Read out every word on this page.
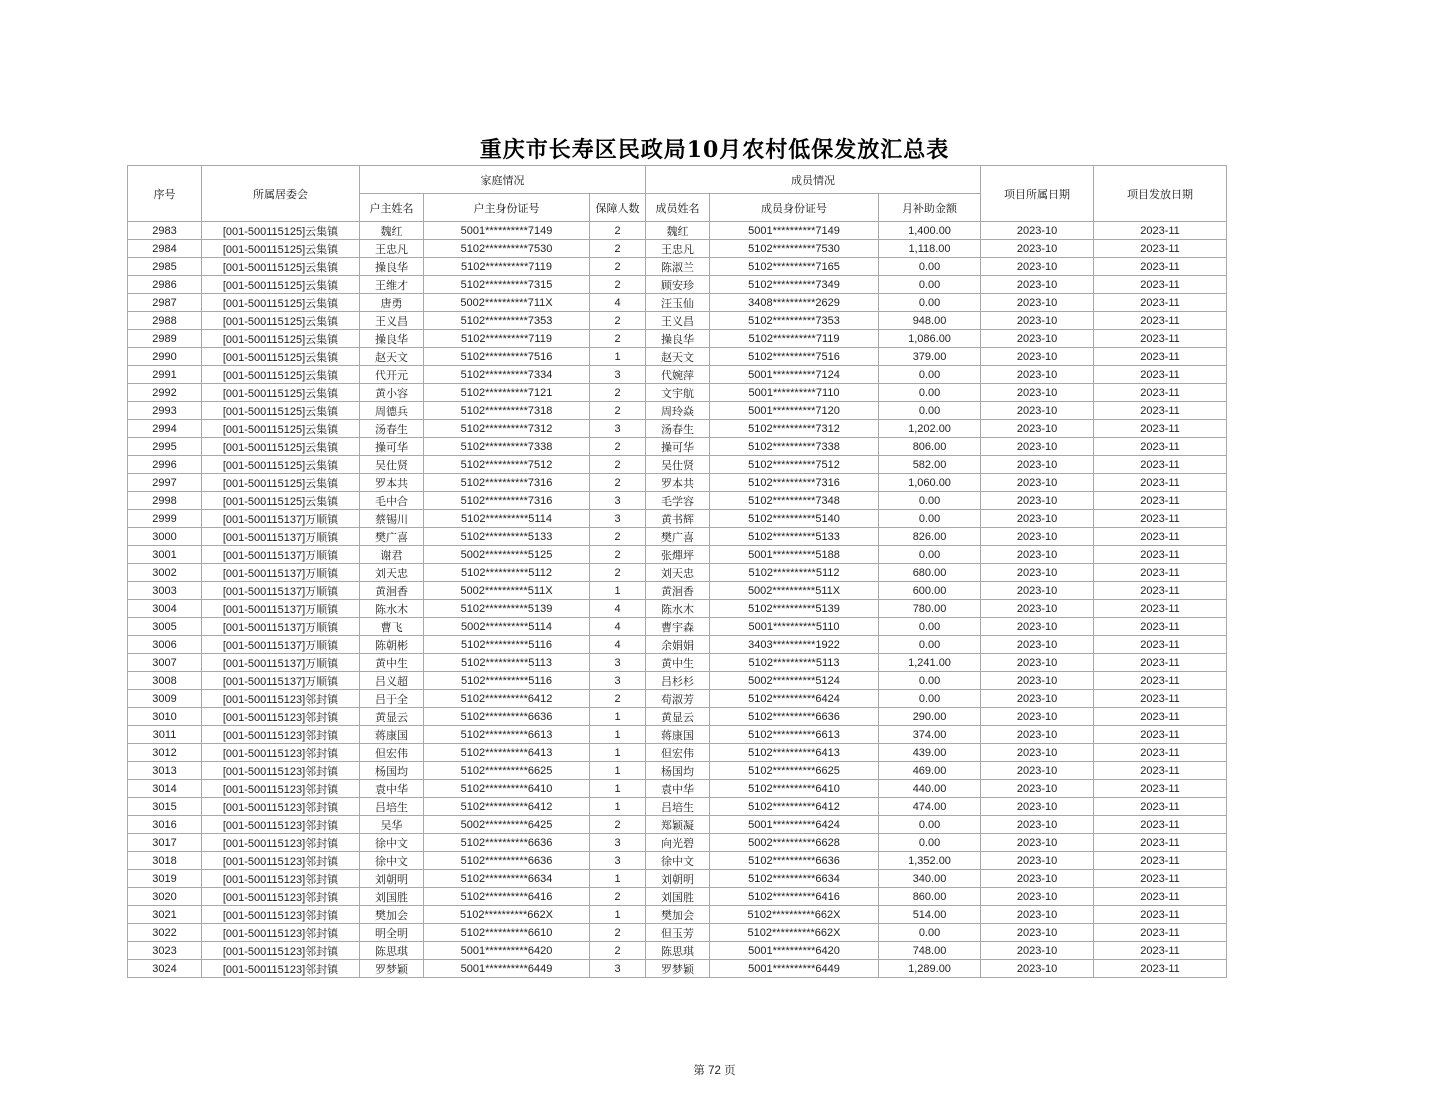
重庆市长寿区民政局10月农村低保发放汇总表
序号	所属居委会	家庭情况			成员情况			项目所属日期	项目发放日期
		户主姓名	户主身份证号	保障人数	成员姓名	成员身份证号	月补助金额		
2983	[001-500115125]云集镇	魏红	5001**********7149	2	魏红	5001**********7149	1,400.00	2023-10	2023-11
2984	[001-500115125]云集镇	王忠凡	5102**********7530	2	王忠凡	5102**********7530	1,118.00	2023-10	2023-11
2985	[001-500115125]云集镇	操良华	5102**********7119	2	陈淑兰	5102**********7165	0.00	2023-10	2023-11
2986	[001-500115125]云集镇	王维才	5102**********7315	2	顾安珍	5102**********7349	0.00	2023-10	2023-11
2987	[001-500115125]云集镇	唐勇	5002**********711X	4	汪玉仙	3408**********2629	0.00	2023-10	2023-11
2988	[001-500115125]云集镇	王义昌	5102**********7353	2	王义昌	5102**********7353	948.00	2023-10	2023-11
2989	[001-500115125]云集镇	操良华	5102**********7119	2	操良华	5102**********7119	1,086.00	2023-10	2023-11
2990	[001-500115125]云集镇	赵天文	5102**********7516	1	赵天文	5102**********7516	379.00	2023-10	2023-11
2991	[001-500115125]云集镇	代开元	5102**********7334	3	代婉萍	5001**********7124	0.00	2023-10	2023-11
2992	[001-500115125]云集镇	黄小容	5102**********7121	2	文宇航	5001**********7110	0.00	2023-10	2023-11
2993	[001-500115125]云集镇	周德兵	5102**********7318	2	周玲焱	5001**********7120	0.00	2023-10	2023-11
2994	[001-500115125]云集镇	汤春生	5102**********7312	3	汤春生	5102**********7312	1,202.00	2023-10	2023-11
2995	[001-500115125]云集镇	操可华	5102**********7338	2	操可华	5102**********7338	806.00	2023-10	2023-11
2996	[001-500115125]云集镇	吴仕贤	5102**********7512	2	吴仕贤	5102**********7512	582.00	2023-10	2023-11
2997	[001-500115125]云集镇	罗本共	5102**********7316	2	罗本共	5102**********7316	1,060.00	2023-10	2023-11
2998	[001-500115125]云集镇	毛中合	5102**********7316	3	毛学容	5102**********7348	0.00	2023-10	2023-11
2999	[001-500115137]万顺镇	蔡锡川	5102**********5114	3	黄书辉	5102**********5140	0.00	2023-10	2023-11
3000	[001-500115137]万顺镇	樊广喜	5102**********5133	2	樊广喜	5102**********5133	826.00	2023-10	2023-11
3001	[001-500115137]万顺镇	谢君	5002**********5125	2	张燀坪	5001**********5188	0.00	2023-10	2023-11
3002	[001-500115137]万顺镇	刘天忠	5102**********5112	2	刘天忠	5102**********5112	680.00	2023-10	2023-11
3003	[001-500115137]万顺镇	黄洄香	5002**********511X	1	黄洄香	5002**********511X	600.00	2023-10	2023-11
3004	[001-500115137]万顺镇	陈水木	5102**********5139	4	陈水木	5102**********5139	780.00	2023-10	2023-11
3005	[001-500115137]万顺镇	曹飞	5002**********5114	4	曹宇森	5001**********5110	0.00	2023-10	2023-11
3006	[001-500115137]万顺镇	陈朝彬	5102**********5116	4	余娟娟	3403**********1922	0.00	2023-10	2023-11
3007	[001-500115137]万顺镇	黄中生	5102**********5113	3	黄中生	5102**********5113	1,241.00	2023-10	2023-11
3008	[001-500115137]万顺镇	吕义超	5102**********5116	3	吕杉杉	5002**********5124	0.00	2023-10	2023-11
3009	[001-500115123]邻封镇	吕于全	5102**********6412	2	苟淑芳	5102**********6424	0.00	2023-10	2023-11
3010	[001-500115123]邻封镇	黄显云	5102**********6636	1	黄显云	5102**********6636	290.00	2023-10	2023-11
3011	[001-500115123]邻封镇	蒋康国	5102**********6613	1	蒋康国	5102**********6613	374.00	2023-10	2023-11
3012	[001-500115123]邻封镇	但宏伟	5102**********6413	1	但宏伟	5102**********6413	439.00	2023-10	2023-11
3013	[001-500115123]邻封镇	杨国均	5102**********6625	1	杨国均	5102**********6625	469.00	2023-10	2023-11
3014	[001-500115123]邻封镇	袁中华	5102**********6410	1	袁中华	5102**********6410	440.00	2023-10	2023-11
3015	[001-500115123]邻封镇	吕培生	5102**********6412	1	吕培生	5102**********6412	474.00	2023-10	2023-11
3016	[001-500115123]邻封镇	吴华	5002**********6425	2	郑颖凝	5001**********6424	0.00	2023-10	2023-11
3017	[001-500115123]邻封镇	徐中文	5102**********6636	3	向光碧	5002**********6628	0.00	2023-10	2023-11
3018	[001-500115123]邻封镇	徐中文	5102**********6636	3	徐中文	5102**********6636	1,352.00	2023-10	2023-11
3019	[001-500115123]邻封镇	刘朝明	5102**********6634	1	刘朝明	5102**********6634	340.00	2023-10	2023-11
3020	[001-500115123]邻封镇	刘国胜	5102**********6416	2	刘国胜	5102**********6416	860.00	2023-10	2023-11
3021	[001-500115123]邻封镇	樊加会	5102**********662X	1	樊加会	5102**********662X	514.00	2023-10	2023-11
3022	[001-500115123]邻封镇	明全明	5102**********6610	2	但玉芳	5102**********662X	0.00	2023-10	2023-11
3023	[001-500115123]邻封镇	陈思琪	5001**********6420	2	陈思琪	5001**********6420	748.00	2023-10	2023-11
3024	[001-500115123]邻封镇	罗梦颖	5001**********6449	3	罗梦颖	5001**********6449	1,289.00	2023-10	2023-11
第 72 页
